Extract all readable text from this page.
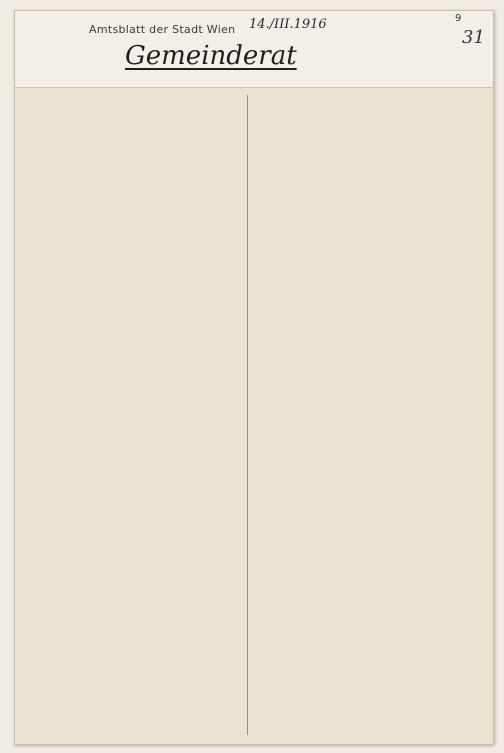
Amtsblatt der Stadt Wien 14./III.1916	9
31
Gemeinderat
